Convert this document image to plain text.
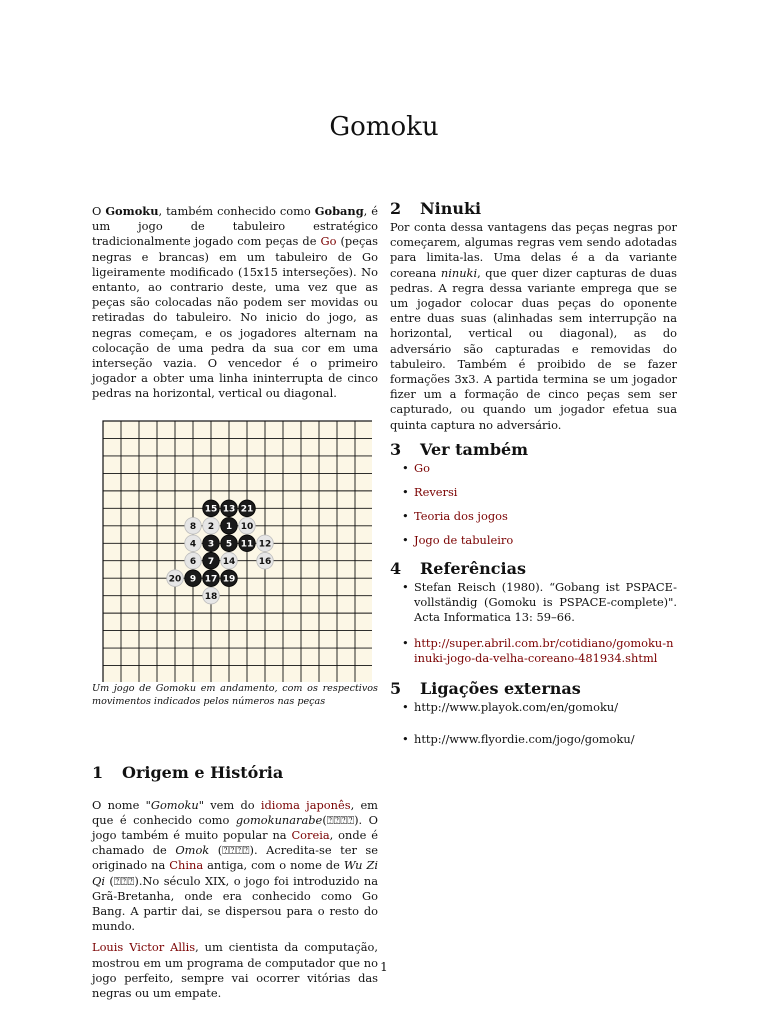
Gomoku

O Gomoku, também conhecido como Gobang, é um jogo de tabuleiro estratégico tradicionalmente jogado com peças de Go (peças negras e brancas) em um tabuleiro de Go ligeiramente modificado (15x15 interseções). No entanto, ao contrario deste, uma vez que as peças são colocadas não podem ser movidas ou retiradas do tabuleiro. No inicio do jogo, as negras começam, e os jogadores alternam na colocação de uma pedra da sua cor em uma interseção vazia. O vencedor é o primeiro jogador a obter uma linha ininterrupta de cinco pedras na horizontal, vertical ou diagonal.

1
2
3
4	5
6 7
8
9
10
11 12
13
14
15
16
17
18
19
20
21

Um jogo de Gomoku em andamento, com os respectivos movimentos indicados pelos números nas peças

1 Origem e História

O nome "Gomoku" vem do idioma japonês, em que é conhecido como gomokunarabe(⍰⍰⍰⍰). O jogo também é muito popular na Coreia, onde é chamado de Omok (⍰⍰⍰⍰). Acredita-se ter se originado na China antiga, com o nome de Wu Zi Qi (⍰⍰⍰).No século XIX, o jogo foi introduzido na Grã-Bretanha, onde era conhecido como Go Bang. A partir dai, se dispersou para o resto do mundo.

Louis Victor Allis, um cientista da computação, mostrou em um programa de computador que no jogo perfeito, sempre vai ocorrer vitórias das negras ou um empate.

2 Ninuki

Por conta dessa vantagens das peças negras por começarem, algumas regras vem sendo adotadas para limita-las. Uma delas é a da variante coreana ninuki, que quer dizer capturas de duas pedras. A regra dessa variante emprega que se um jogador colocar duas peças do oponente entre duas suas (alinhadas sem interrupção na horizontal, vertical ou diagonal), as do adversário são capturadas e removidas do tabuleiro. Também é proibido de se fazer formações 3x3. A partida termina se um jogador fizer um a formação de cinco peças sem ser capturado, ou quando um jogador efetua sua quinta captura no adversário.

3 Ver também
• Go
• Reversi
• Teoria dos jogos
• Jogo de tabuleiro
4 Referências
• Stefan Reisch (1980). “Gobang ist PSPACE-vollständig (Gomoku is PSPACE-complete)". Acta Informatica 13: 59–66.
• http://super.abril.com.br/cotidiano/gomoku-ninuki-jogo-da-velha-coreano-481934.shtml
5 Ligações externas
• http://www.playok.com/en/gomoku/
• http://www.flyordie.com/jogo/gomoku/
1
